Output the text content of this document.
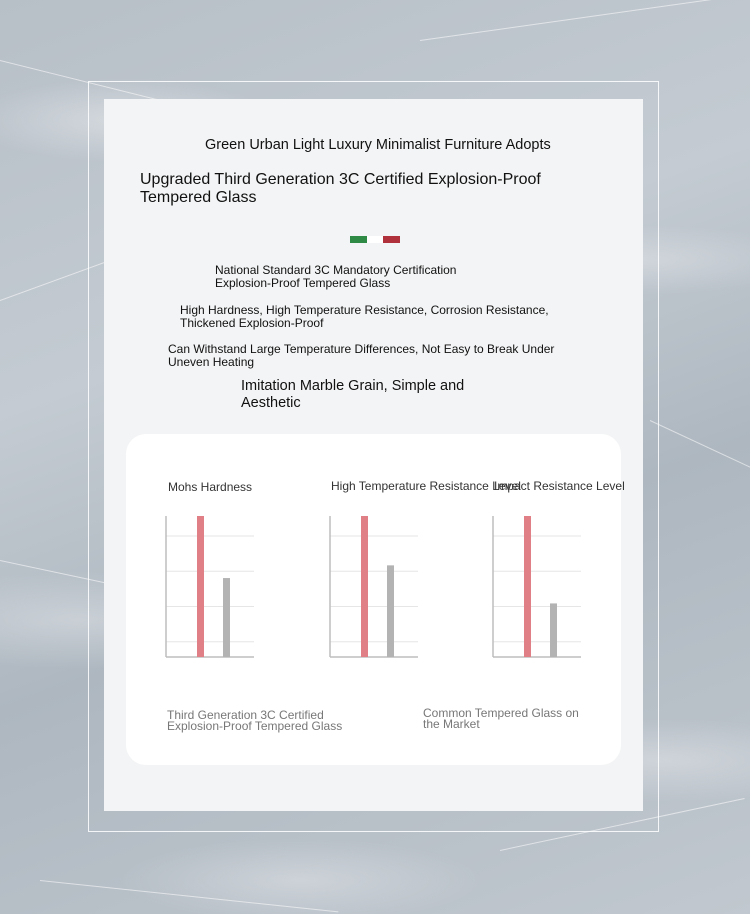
Green Urban Light Luxury Minimalist Furniture Adopts
Upgraded Third Generation 3C Certified Explosion-Proof Tempered Glass
National Standard 3C Mandatory Certification Explosion-Proof Tempered Glass
High Hardness, High Temperature Resistance, Corrosion Resistance, Thickened Explosion-Proof
Can Withstand Large Temperature Differences, Not Easy to Break Under Uneven Heating
Imitation Marble Grain, Simple and Aesthetic
Mohs Hardness	High Temperature Resistance Level
Impact Resistance Level
Third Generation 3C Certified Explosion-Proof Tempered Glass
Common Tempered Glass on the Market
